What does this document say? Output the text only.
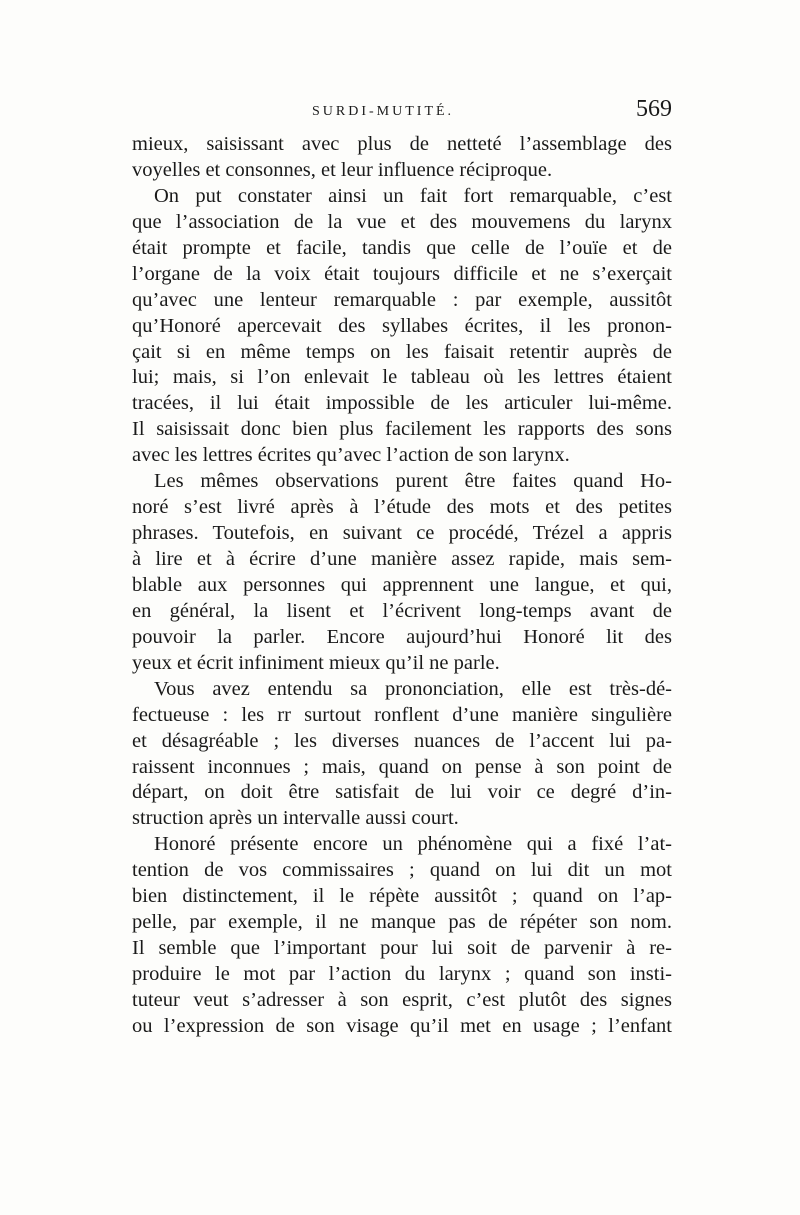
SURDI-MUTITÉ.	569
mieux, saisissant avec plus de netteté l’assemblage des
voyelles et consonnes, et leur influence réciproque.
On put constater ainsi un fait fort remarquable, c’est
que l’association de la vue et des mouvemens du larynx
était prompte et facile, tandis que celle de l’ouïe et de
l’organe de la voix était toujours difficile et ne s’exerçait
qu’avec une lenteur remarquable : par exemple, aussitôt
qu’Honoré apercevait des syllabes écrites, il les pronon-
çait si en même temps on les faisait retentir auprès de
lui; mais, si l’on enlevait le tableau où les lettres étaient
tracées, il lui était impossible de les articuler lui-même.
Il saisissait donc bien plus facilement les rapports des sons
avec les lettres écrites qu’avec l’action de son larynx.
Les mêmes observations purent être faites quand Ho-
noré s’est livré après à l’étude des mots et des petites
phrases. Toutefois, en suivant ce procédé, Trézel a appris
à lire et à écrire d’une manière assez rapide, mais sem-
blable aux personnes qui apprennent une langue, et qui,
en général, la lisent et l’écrivent long-temps avant de
pouvoir la parler. Encore aujourd’hui Honoré lit des
yeux et écrit infiniment mieux qu’il ne parle.
Vous avez entendu sa prononciation, elle est très-dé-
fectueuse : les rr surtout ronflent d’une manière singulière
et désagréable ; les diverses nuances de l’accent lui pa-
raissent inconnues ; mais, quand on pense à son point de
départ, on doit être satisfait de lui voir ce degré d’in-
struction après un intervalle aussi court.
Honoré présente encore un phénomène qui a fixé l’at-
tention de vos commissaires ; quand on lui dit un mot
bien distinctement, il le répète aussitôt ; quand on l’ap-
pelle, par exemple, il ne manque pas de répéter son nom.
Il semble que l’important pour lui soit de parvenir à re-
produire le mot par l’action du larynx ; quand son insti-
tuteur veut s’adresser à son esprit, c’est plutôt des signes
ou l’expression de son visage qu’il met en usage ; l’enfant
